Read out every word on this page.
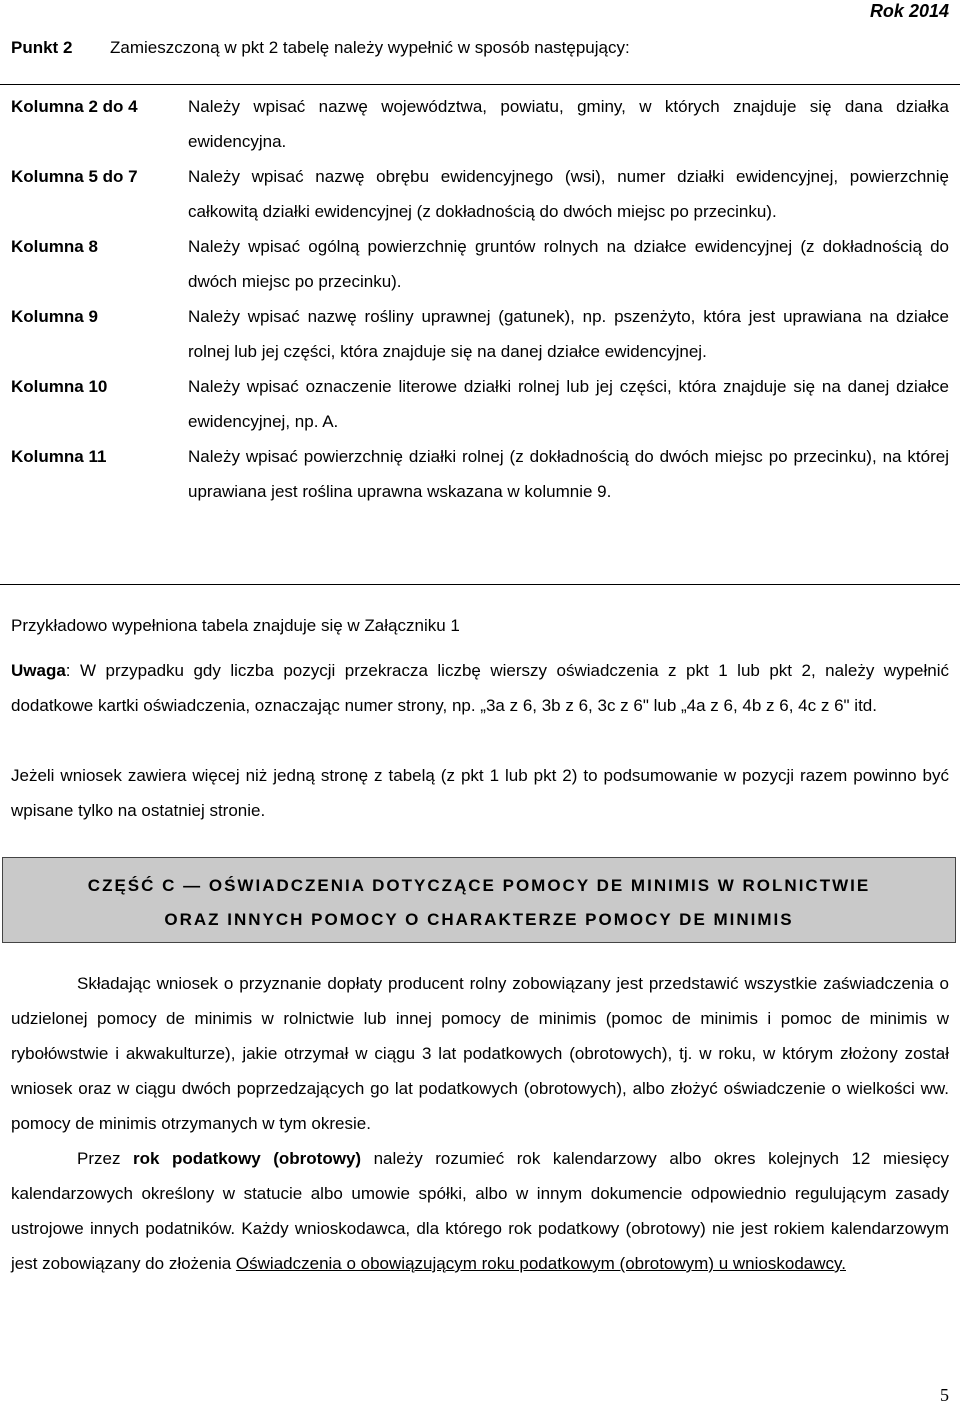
Rok 2014
Punkt 2 Zamieszczoną w pkt 2 tabelę należy wypełnić w sposób następujący:
Kolumna 2 do 4	Należy wpisać nazwę województwa, powiatu, gminy, w których znajduje się dana działka ewidencyjna.
Kolumna 5 do 7	Należy wpisać nazwę obrębu ewidencyjnego (wsi), numer działki ewidencyjnej, powierzchnię całkowitą działki ewidencyjnej (z dokładnością do dwóch miejsc po przecinku).
Kolumna 8	Należy wpisać ogólną powierzchnię gruntów rolnych na działce ewidencyjnej (z dokładnością do dwóch miejsc po przecinku).
Kolumna 9	Należy wpisać nazwę rośliny uprawnej (gatunek), np. pszenżyto, która jest uprawiana na działce rolnej lub jej części, która znajduje się na danej działce ewidencyjnej.
Kolumna 10	Należy wpisać oznaczenie literowe działki rolnej lub jej części, która znajduje się na danej działce ewidencyjnej, np. A.
Kolumna 11	Należy wpisać powierzchnię działki rolnej (z dokładnością do dwóch miejsc po przecinku), na której uprawiana jest roślina uprawna wskazana w kolumnie 9.
Przykładowo wypełniona tabela znajduje się w Załączniku 1
Uwaga: W przypadku gdy liczba pozycji przekracza liczbę wierszy oświadczenia z pkt 1 lub pkt 2, należy wypełnić dodatkowe kartki oświadczenia, oznaczając numer strony, np. „3a z 6, 3b z 6, 3c z 6" lub „4a z 6, 4b z 6, 4c z 6" itd.
Jeżeli wniosek zawiera więcej niż jedną stronę z tabelą (z pkt 1 lub pkt 2) to podsumowanie w pozycji razem powinno być wpisane tylko na ostatniej stronie.
CZĘŚĆ C — OŚWIADCZENIA DOTYCZĄCE POMOCY DE MINIMIS W ROLNICTWIE
ORAZ INNYCH POMOCY O CHARAKTERZE POMOCY DE MINIMIS
Składając wniosek o przyznanie dopłaty producent rolny zobowiązany jest przedstawić wszystkie zaświadczenia o udzielonej pomocy de minimis w rolnictwie lub innej pomocy de minimis (pomoc de minimis i pomoc de minimis w rybołówstwie i akwakulturze), jakie otrzymał w ciągu 3 lat podatkowych (obrotowych), tj. w roku, w którym złożony został wniosek oraz w ciągu dwóch poprzedzających go lat podatkowych (obrotowych), albo złożyć oświadczenie o wielkości ww. pomocy de minimis otrzymanych w tym okresie.
Przez rok podatkowy (obrotowy) należy rozumieć rok kalendarzowy albo okres kolejnych 12 miesięcy kalendarzowych określony w statucie albo umowie spółki, albo w innym dokumencie odpowiednio regulującym zasady ustrojowe innych podatników. Każdy wnioskodawca, dla którego rok podatkowy (obrotowy) nie jest rokiem kalendarzowym jest zobowiązany do złożenia Oświadczenia o obowiązującym roku podatkowym (obrotowym) u wnioskodawcy.
5
